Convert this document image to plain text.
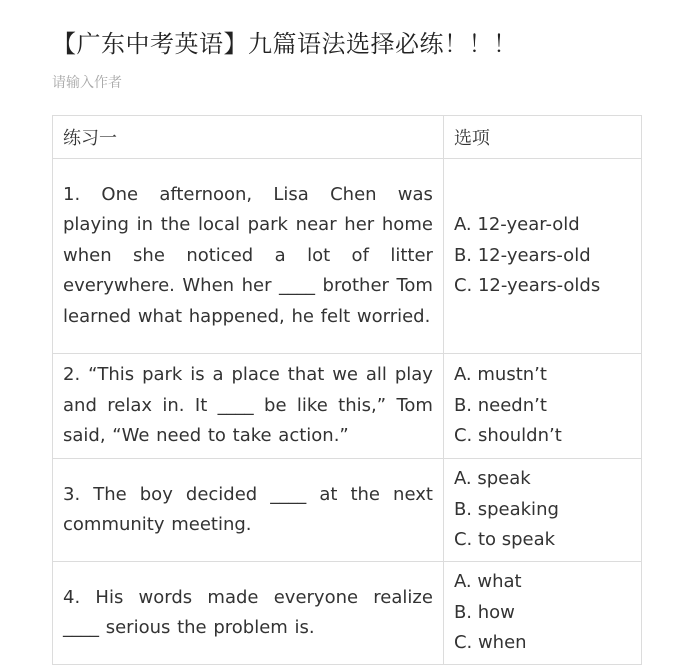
【广东中考英语】九篇语法选择必练！！！
请输入作者
练习一	选项

1. One afternoon, Lisa Chen was playing in the local park near her home when she noticed a lot of litter everywhere. When her ____ brother Tom learned what happened, he felt worried.	A. 12-year-old
B. 12-years-old
C. 12-years-olds

2. “This park is a place that we all play and relax in. It ____ be like this,” Tom said, “We need to take action.”	A. mustn’t
B. needn’t
C. shouldn’t

3. The boy decided ____ at the next community meeting.	A. speak
B. speaking
C. to speak

4. His words made everyone realize ____ serious the problem is.	A. what
B. how
C. when
